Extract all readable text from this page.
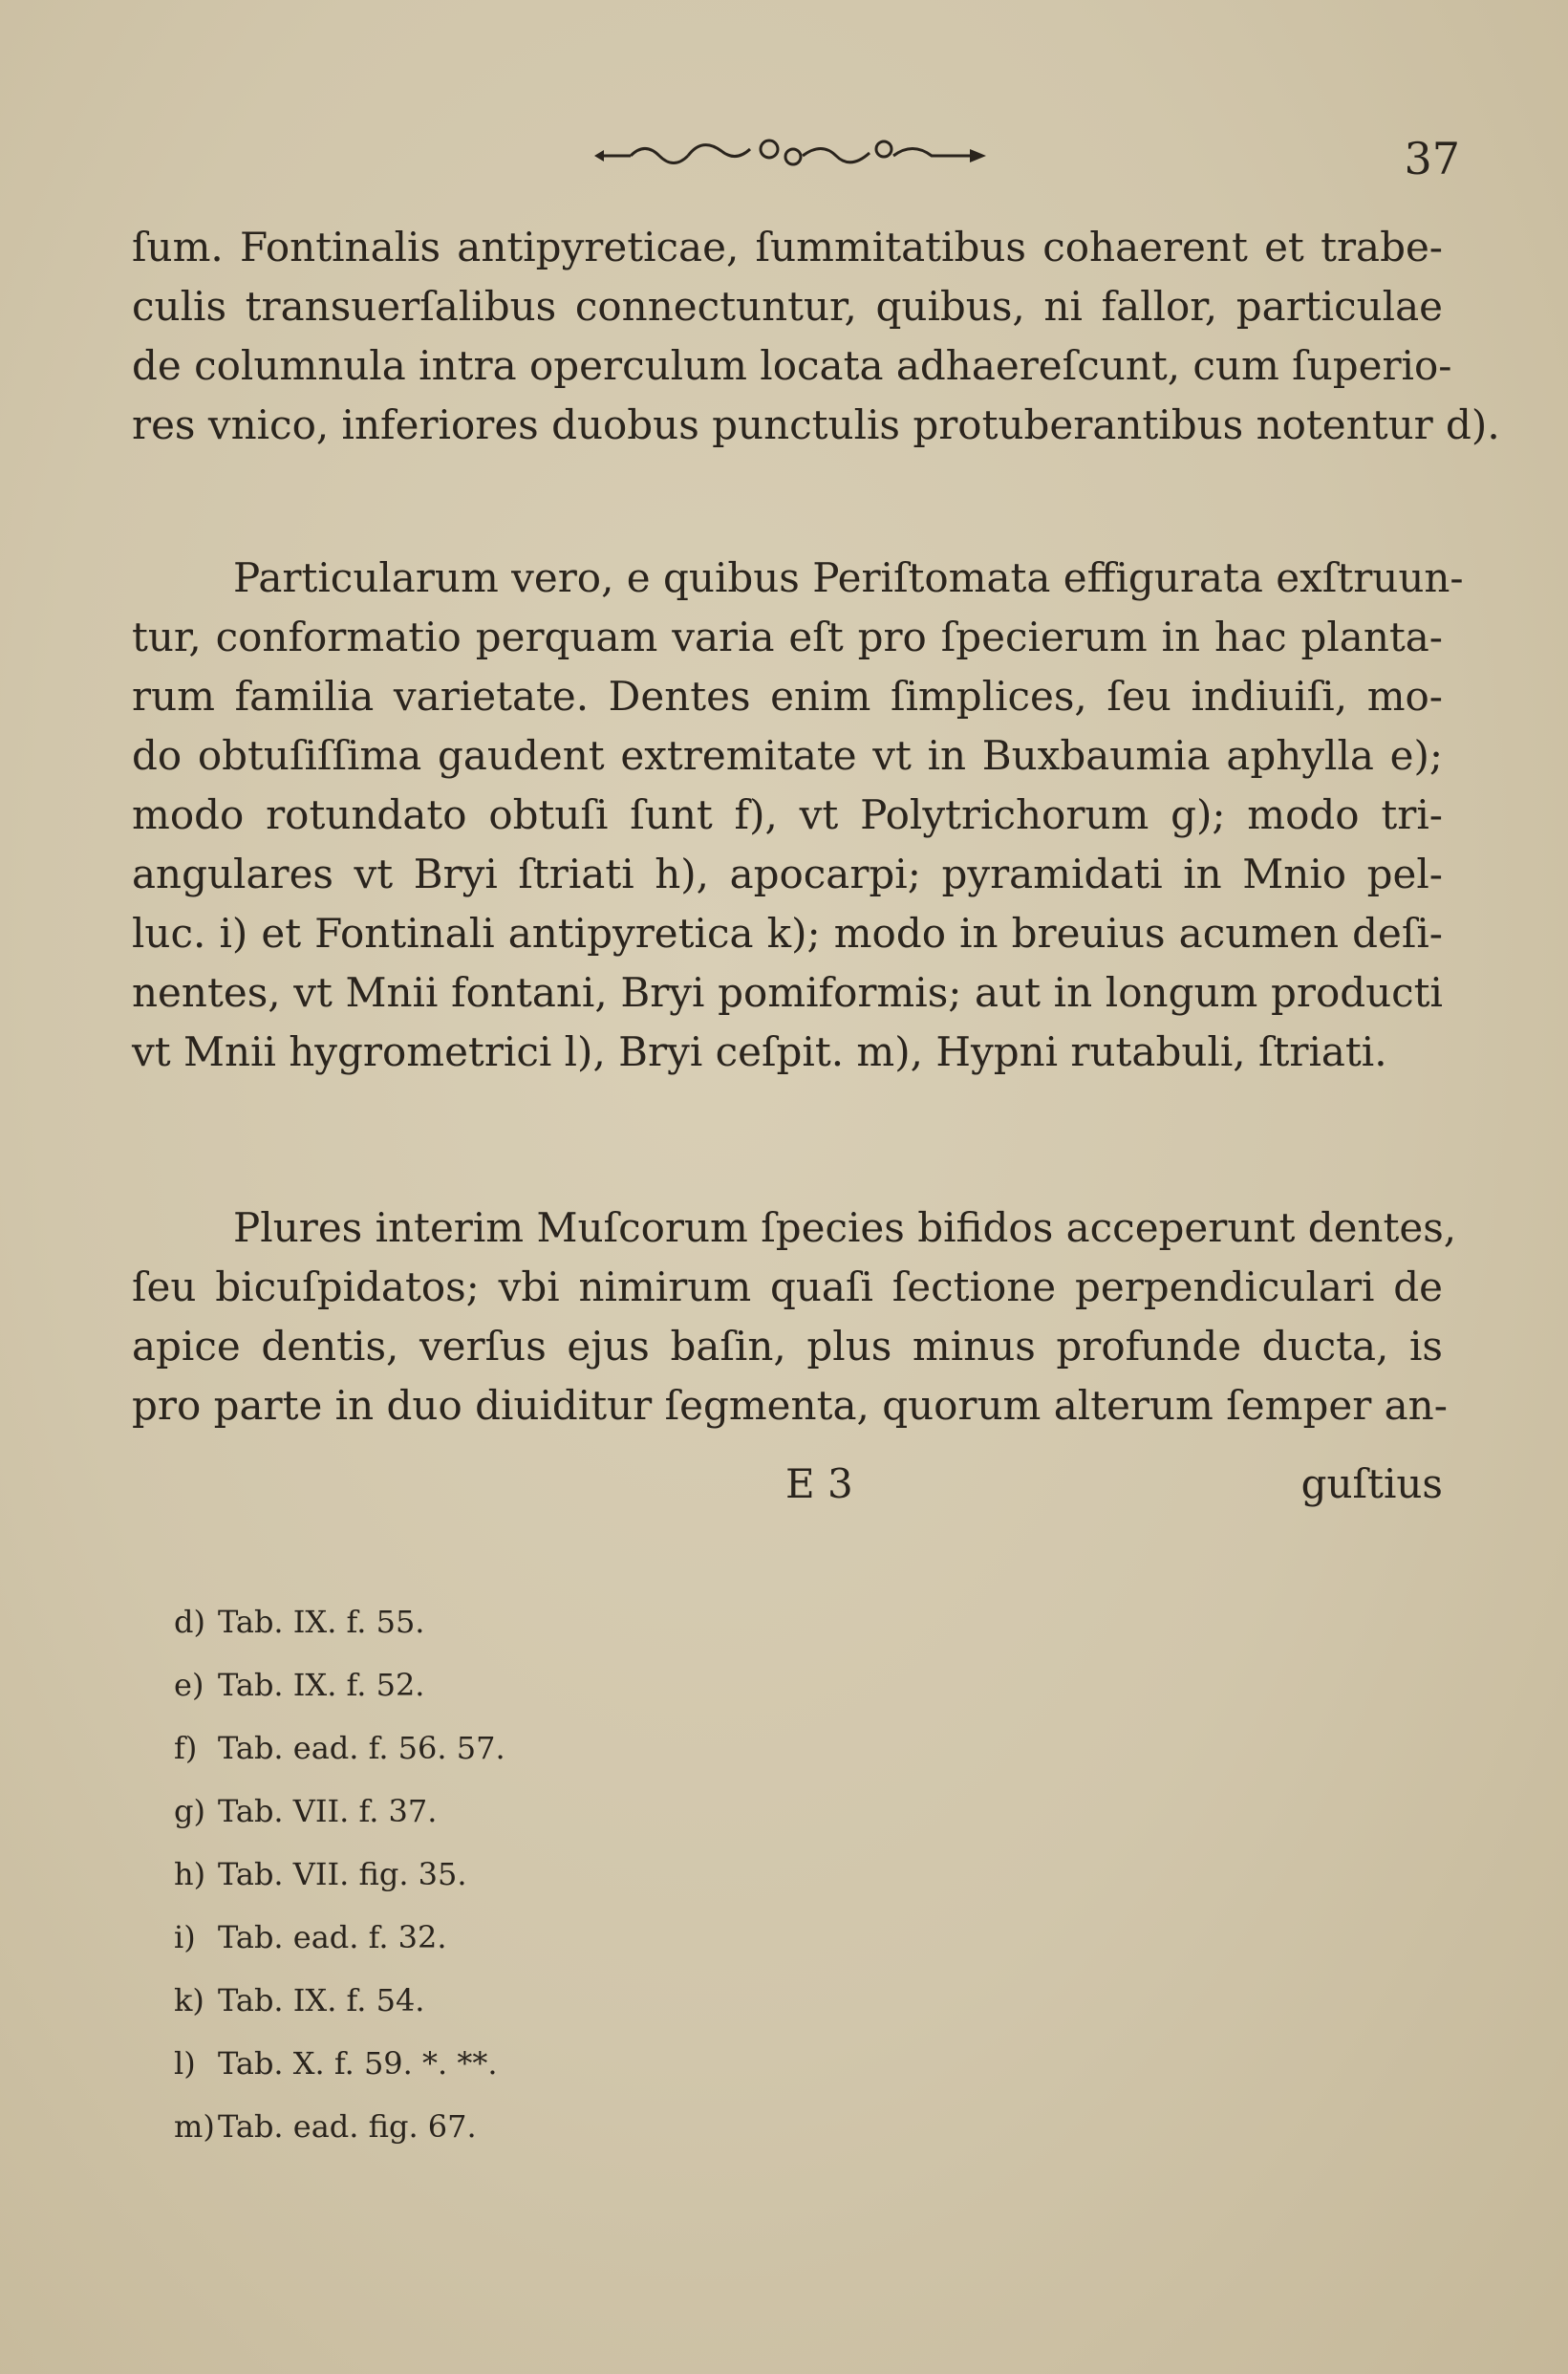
37
ſum. Fontinalis antipyreticae, ſummitatibus cohaerent et trabe-
culis transuerſalibus connectuntur, quibus, ni fallor, particulae
de columnula intra operculum locata adhaereſcunt, cum ſuperio-
res vnico, inferiores duobus punctulis protuberantibus notentur d).
Particularum vero, e quibus Periſtomata effigurata exſtruun-
tur, conformatio perquam varia eſt pro ſpecierum in hac planta-
rum familia varietate. Dentes enim ſimplices, ſeu indiuiſi, mo-
do obtuſiſſima gaudent extremitate vt in Buxbaumia aphylla e);
modo rotundato obtuſi ſunt f), vt Polytrichorum g); modo tri-
angulares vt Bryi ſtriati h), apocarpi; pyramidati in Mnio pel-
luc. i) et Fontinali antipyretica k); modo in breuius acumen deſi-
nentes, vt Mnii fontani, Bryi pomiformis; aut in longum producti
vt Mnii hygrometrici l), Bryi ceſpit. m), Hypni rutabuli, ſtriati.
Plures interim Muſcorum ſpecies bifidos acceperunt dentes,
ſeu bicuſpidatos; vbi nimirum quaſi ſectione perpendiculari de
apice dentis, verſus ejus baſin, plus minus profunde ducta, is
pro parte in duo diuiditur ſegmenta, quorum alterum ſemper an-
E 3	guſtius
d) Tab. IX. f. 55.
e) Tab. IX. f. 52.
f) Tab. ead. f. 56. 57.
g) Tab. VII. f. 37.
h) Tab. VII. fig. 35.
i) Tab. ead. f. 32.
k) Tab. IX. f. 54.
l) Tab. X. f. 59. *. **.
m)Tab. ead. fig. 67.
